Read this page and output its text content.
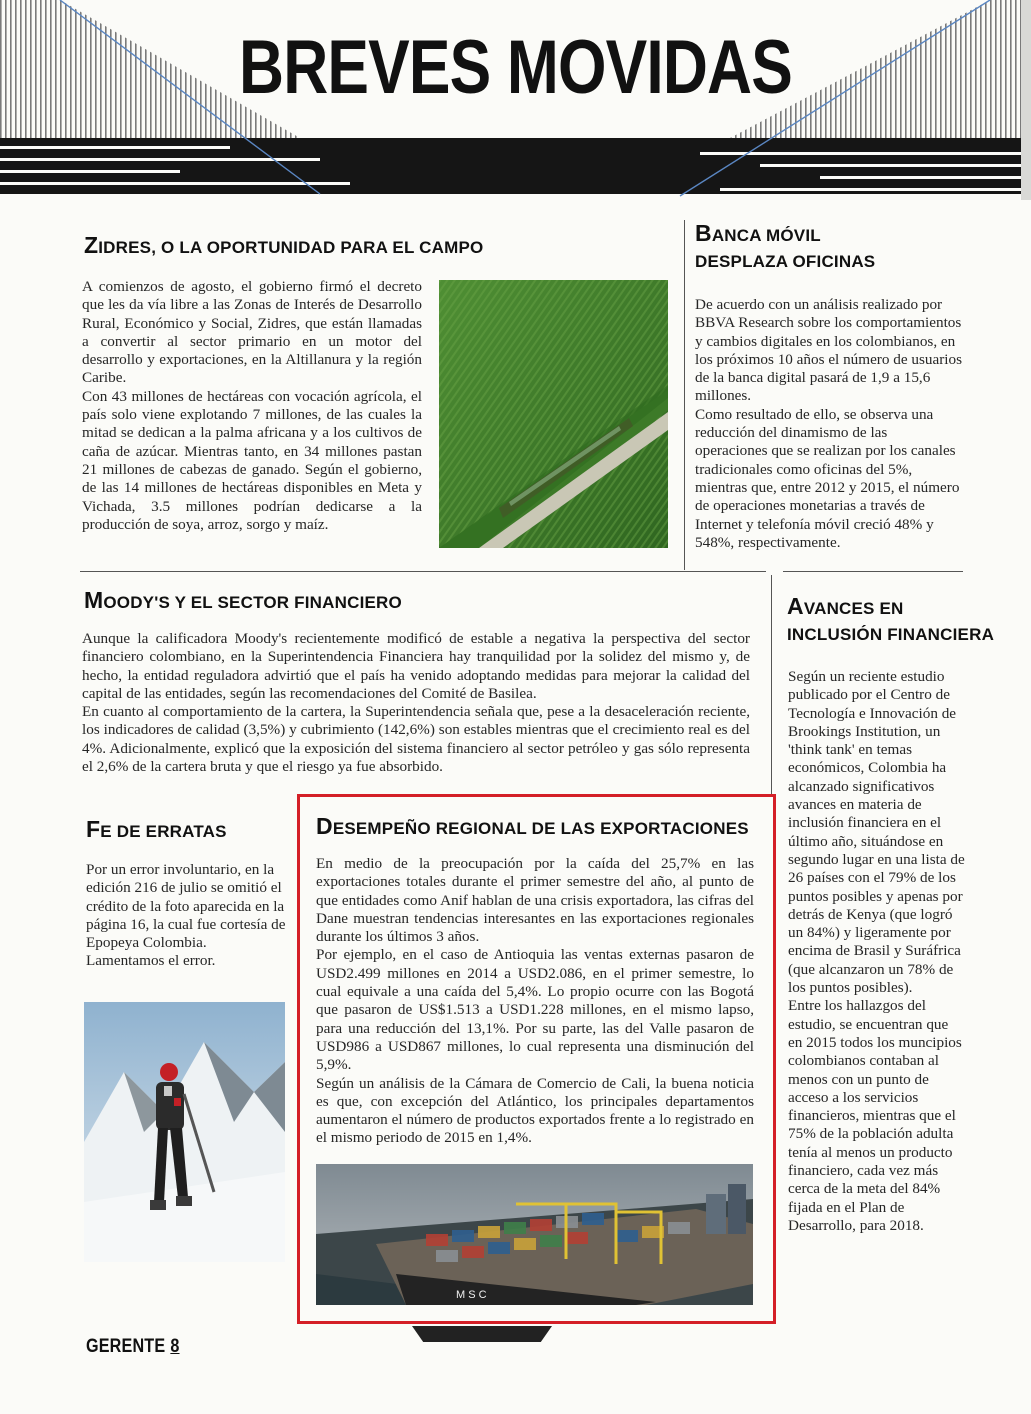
BREVES MOVIDAS
ZIDRES, O LA OPORTUNIDAD PARA EL CAMPO

A comienzos de agosto, el gobierno firmó el decreto que les da vía libre a las Zonas de Interés de Desarrollo Rural, Económico y Social, Zidres, que están llamadas a convertir al sector primario en un motor del desarrollo y exportaciones, en la Altillanura y la región Caribe.

Con 43 millones de hectáreas con vocación agrícola, el país solo viene explotando 7 millones, de las cuales la mitad se dedican a la palma africana y a los cultivos de caña de azúcar. Mientras tanto, en 34 millones pastan 21 millones de cabezas de ganado. Según el gobierno, de las 14 millones de hectáreas disponibles en Meta y Vichada, 3.5 millones podrían dedicarse a la producción de soya, arroz, sorgo y maíz.

BANCA MÓVIL
DESPLAZA OFICINAS

De acuerdo con un análisis realizado por BBVA Research sobre los comportamientos y cambios digitales en los colombianos, en los próximos 10 años el número de usuarios de la banca digital pasará de 1,9 a 15,6 millones.

Como resultado de ello, se observa una reducción del dinamismo de las operaciones que se realizan por los canales tradicionales como oficinas del 5%, mientras que, entre 2012 y 2015, el número de operaciones monetarias a través de Internet y telefonía móvil creció 48% y 548%, respectivamente.

MOODY'S Y EL SECTOR FINANCIERO

Aunque la calificadora Moody's recientemente modificó de estable a negativa la perspectiva del sector financiero colombiano, en la Superintendencia Financiera hay tranquilidad por la solidez del mismo y, de hecho, la entidad reguladora advirtió que el país ha venido adoptando medidas para mejorar la calidad del capital de las entidades, según las recomendaciones del Comité de Basilea.

En cuanto al comportamiento de la cartera, la Superintendencia señala que, pese a la desaceleración reciente, los indicadores de calidad (3,5%) y cubrimiento (142,6%) son estables mientras que el crecimiento real es del 4%. Adicionalmente, explicó que la exposición del sistema financiero al sector petróleo y gas sólo representa el 2,6% de la cartera bruta y que el riesgo ya fue absorbido.

AVANCES EN
INCLUSIÓN FINANCIERA

Según un reciente estudio publicado por el Centro de Tecnología e Innovación de Brookings Institution, un 'think tank' en temas económicos, Colombia ha alcanzado significativos avances en materia de inclusión financiera en el último año, situándose en segundo lugar en una lista de 26 países con el 79% de los puntos posibles y apenas por detrás de Kenya (que logró un 84%) y ligeramente por encima de Brasil y Suráfrica (que alcanzaron un 78% de los puntos posibles).

Entre los hallazgos del estudio, se encuentran que en 2015 todos los muncipios colombianos contaban al menos con un punto de acceso a los servicios financieros, mientras que el 75% de la población adulta tenía al menos un producto financiero, cada vez más cerca de la meta del 84% fijada en el Plan de Desarrollo, para 2018.

FE DE ERRATAS

Por un error involuntario, en la edición 216 de julio se omitió el crédito de la foto aparecida en la página 16, la cual fue cortesía de Epopeya Colombia. Lamentamos el error.

DESEMPEÑO REGIONAL DE LAS EXPORTACIONES

En medio de la preocupación por la caída del 25,7% en las exportaciones totales durante el primer semestre del año, al punto de que entidades como Anif hablan de una crisis exportadora, las cifras del Dane muestran tendencias interesantes en las exportaciones regionales durante los últimos 3 años.

Por ejemplo, en el caso de Antioquia las ventas externas pasaron de USD2.499 millones en 2014 a USD2.086, en el primer semestre, lo cual equivale a una caída del 5,4%. Lo propio ocurre con las Bogotá que pasaron de US$1.513 a USD1.228 millones, en el mismo lapso, para una reducción del 13,1%. Por su parte, las del Valle pasaron de USD986 a USD867 millones, lo cual representa una disminución del 5,9%.

Según un análisis de la Cámara de Comercio de Cali, la buena noticia es que, con excepción del Atlántico, los principales departamentos aumentaron el número de productos exportados frente a lo registrado en el mismo periodo de 2015 en 1,4%.

M S C
GERENTE 8
